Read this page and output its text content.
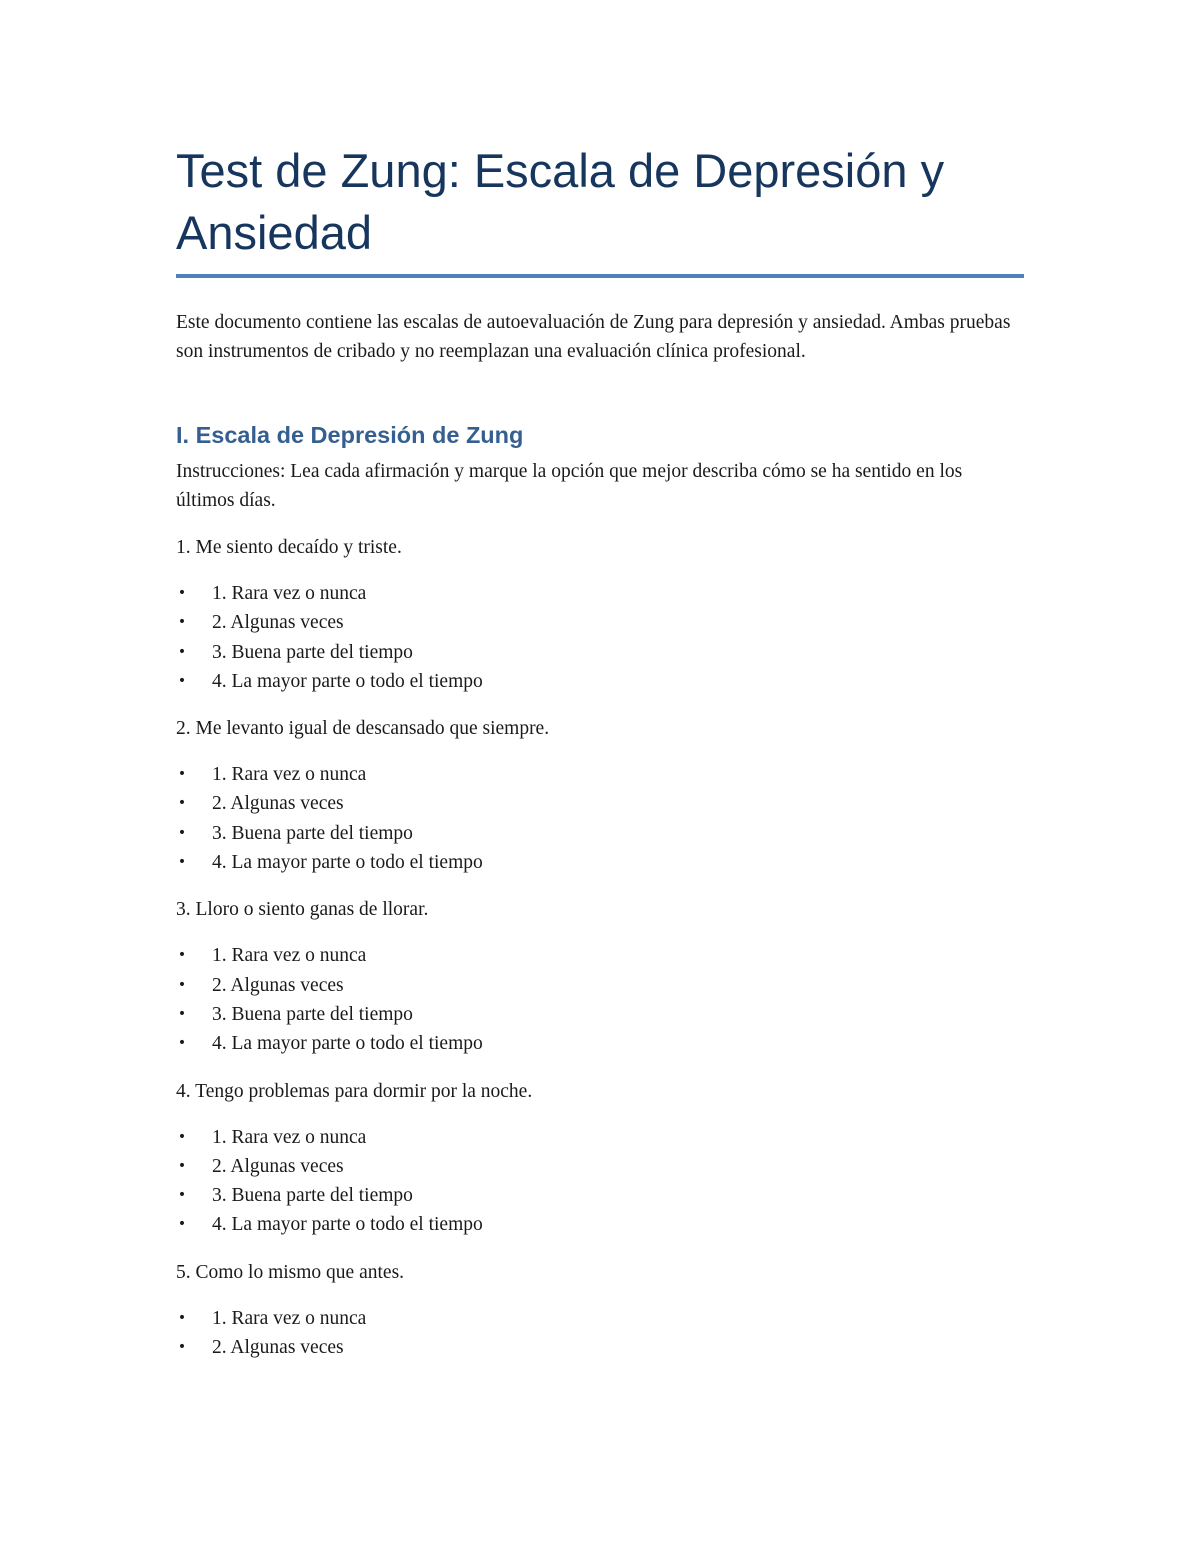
Test de Zung: Escala de Depresión y Ansiedad

Este documento contiene las escalas de autoevaluación de Zung para depresión y ansiedad. Ambas pruebas son instrumentos de cribado y no reemplazan una evaluación clínica profesional.

I. Escala de Depresión de Zung

Instrucciones: Lea cada afirmación y marque la opción que mejor describa cómo se ha sentido en los últimos días.

1. Me siento decaído y triste.

• 1. Rara vez o nunca
• 2. Algunas veces
• 3. Buena parte del tiempo
• 4. La mayor parte o todo el tiempo

2. Me levanto igual de descansado que siempre.

• 1. Rara vez o nunca
• 2. Algunas veces
• 3. Buena parte del tiempo
• 4. La mayor parte o todo el tiempo

3. Lloro o siento ganas de llorar.

• 1. Rara vez o nunca
• 2. Algunas veces
• 3. Buena parte del tiempo
• 4. La mayor parte o todo el tiempo

4. Tengo problemas para dormir por la noche.

• 1. Rara vez o nunca
• 2. Algunas veces
• 3. Buena parte del tiempo
• 4. La mayor parte o todo el tiempo

5. Como lo mismo que antes.

• 1. Rara vez o nunca
• 2. Algunas veces
